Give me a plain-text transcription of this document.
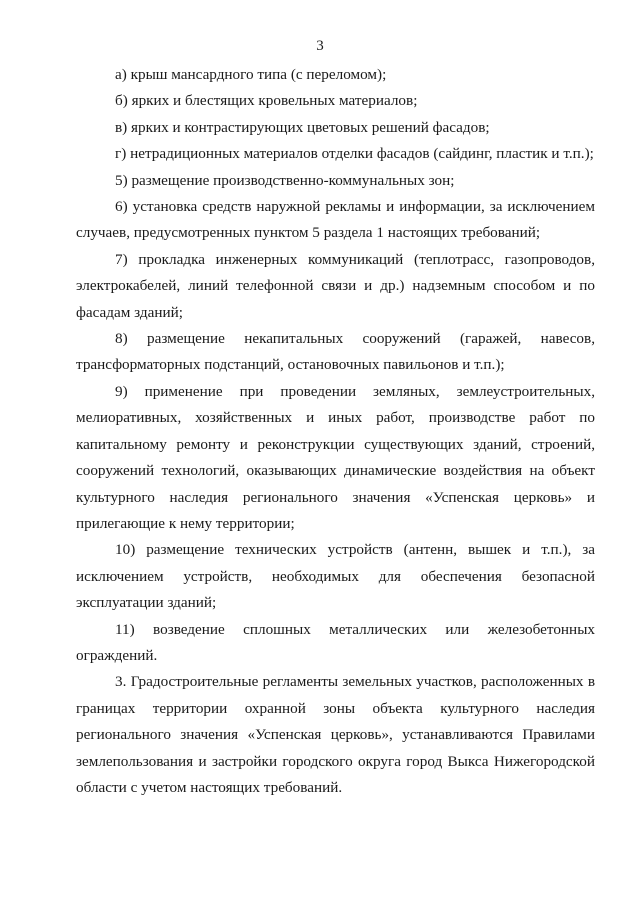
3

а) крыш мансардного типа (с переломом);

б) ярких и блестящих кровельных материалов;

в) ярких и контрастирующих цветовых решений фасадов;

г) нетрадиционных материалов отделки фасадов (сайдинг, пластик и т.п.);

5) размещение производственно-коммунальных зон;

6) установка средств наружной рекламы и информации, за исключением случаев, предусмотренных пунктом 5 раздела 1 настоящих требований;

7) прокладка инженерных коммуникаций (теплотрасс, газопроводов, электрокабелей, линий телефонной связи и др.) надземным способом и по фасадам зданий;

8) размещение некапитальных сооружений (гаражей, навесов, трансформаторных подстанций, остановочных павильонов и т.п.);

9) применение при проведении земляных, землеустроительных, мелиоративных, хозяйственных и иных работ, производстве работ по капитальному ремонту и реконструкции существующих зданий, строений, сооружений технологий, оказывающих динамические воздействия на объект культурного наследия регионального значения «Успенская церковь» и прилегающие к нему территории;

10) размещение технических устройств (антенн, вышек и т.п.), за исключением устройств, необходимых для обеспечения безопасной эксплуатации зданий;

11) возведение сплошных металлических или железобетонных ограждений.

3. Градостроительные регламенты земельных участков, расположенных в границах территории охранной зоны объекта культурного наследия регионального значения «Успенская церковь», устанавливаются Правилами землепользования и застройки городского округа город Выкса Нижегородской области с учетом настоящих требований.
